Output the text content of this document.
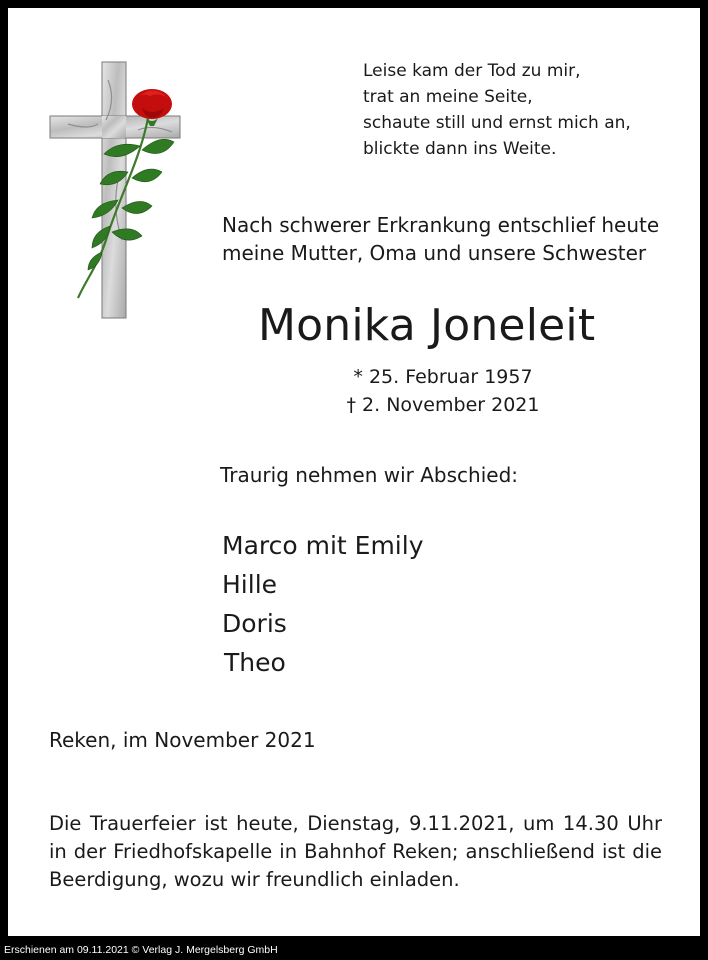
Leise kam der Tod zu mir,
trat an meine Seite,
schaute still und ernst mich an,
blickte dann ins Weite.
Nach schwerer Erkrankung entschlief heute
meine Mutter, Oma und unsere Schwester
Monika Joneleit
* 25. Februar 1957
† 2. November 2021
Traurig nehmen wir Abschied:
Marco mit Emily
Hille
Doris
Theo
Reken, im November 2021
Die Trauerfeier ist heute, Dienstag, 9.11.2021, um 14.30 Uhr in der Friedhofskapelle in Bahnhof Reken; anschließend ist die Beerdigung, wozu wir freundlich einladen.
Erschienen am 09.11.2021 © Verlag J. Mergelsberg GmbH
